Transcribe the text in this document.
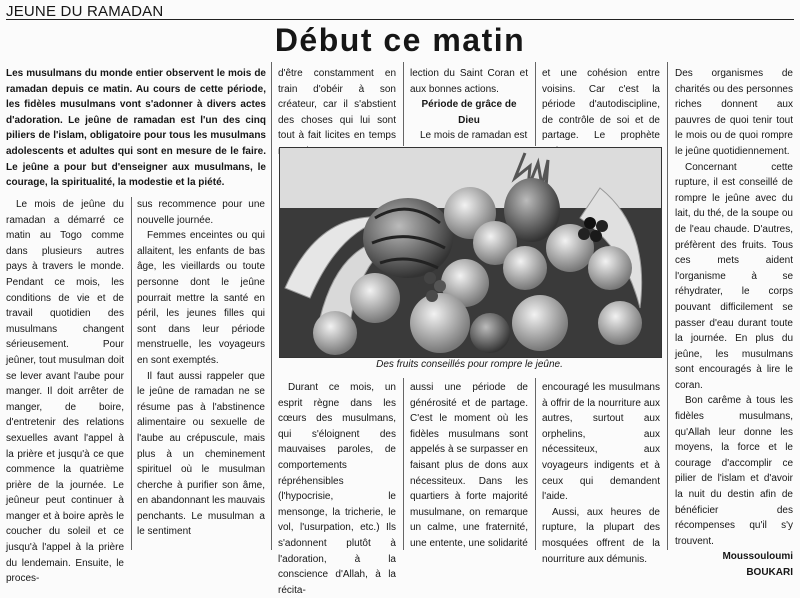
JEUNE DU RAMADAN
Début ce matin

Les musulmans du monde entier observent le mois de ramadan depuis ce matin. Au cours de cette période, les fidèles musulmans vont s'adonner à divers actes d'adoration. Le jeûne de ramadan est l'un des cinq piliers de l'islam, obligatoire pour tous les musulmans adolescents et adultes qui sont en mesure de le faire. Le jeûne a pour but d'enseigner aux musulmans, le courage, la spiritualité, la modestie et la piété.

Le mois de jeûne du ramadan a démarré ce matin au Togo comme dans plusieurs autres pays à travers le monde. Pendant ce mois, les conditions de vie et de travail quotidien des musulmans changent sérieusement. Pour jeûner, tout musulman doit se lever avant l'aube pour manger. Il doit arrêter de manger, de boire, d'entretenir des relations sexuelles avant l'appel à la prière et jusqu'à ce que commence la quatrième prière de la journée. Le jeûneur peut continuer à manger et à boire après le coucher du soleil et ce jusqu'à l'appel à la prière du lendemain. Ensuite, le proces-

d'être constamment en train d'obéir à son créateur, car il s'abstient des choses qui lui sont tout à fait licites en temps

lection du Saint Coran et aux bonnes actions.

Période de grâce de Dieu

Le mois de ramadan est

et une cohésion entre voisins. Car c'est la période d'autodiscipline, de contrôle de soi et de partage. Le prophète

sus recommence pour une nouvelle journée.

Femmes enceintes ou qui allaitent, les enfants de bas âge, les vieillards ou toute personne dont le jeûne pourrait mettre la santé en péril, les jeunes filles qui sont dans leur période menstruelle, les voyageurs en sont exemptés.

Il faut aussi rappeler que le jeûne de ramadan ne se résume pas à l'abstinence alimentaire ou sexuelle de l'aube au crépuscule, mais plus à un cheminement spirituel où le musulman cherche à purifier son âme, en abandonnant les mauvais penchants. Le musulman a le sentiment

Des fruits conseillés pour rompre le jeûne.

Durant ce mois, un esprit règne dans les cœurs des musulmans, qui s'éloignent des mauvaises paroles, de comportements répréhensibles (l'hypocrisie, le mensonge, la tricherie, le vol, l'usurpation, etc.) Ils s'adonnent plutôt à l'adoration, à la conscience d'Allah, à la récita-

aussi une période de générosité et de partage. C'est le moment où les fidèles musulmans sont appelés à se surpasser en faisant plus de dons aux nécessiteux. Dans les quartiers à forte majorité musulmane, on remarque un calme, une fraternité, une entente, une solidarité

encouragé les musulmans à offrir de la nourriture aux autres, surtout aux orphelins, aux nécessiteux, aux voyageurs indigents et à ceux qui demandent l'aide.

Aussi, aux heures de rupture, la plupart des mosquées offrent de la nourriture aux démunis.

Des organismes de charités ou des personnes riches donnent aux pauvres de quoi tenir tout le mois ou de quoi rompre le jeûne quotidiennement.

Concernant cette rupture, il est conseillé de rompre le jeûne avec du lait, du thé, de la soupe ou de l'eau chaude. D'autres, préfèrent des fruits. Tous ces mets aident l'organisme à se réhydrater, le corps pouvant difficilement se passer d'eau durant toute la journée. En plus du jeûne, les musulmans sont encouragés à lire le coran.

Bon carême à tous les fidèles musulmans, qu'Allah leur donne les moyens, la force et le courage d'accomplir ce pilier de l'islam et d'avoir la nuit du destin afin de bénéficier des récompenses qu'il s'y trouvent.

Moussouloumi

BOUKARI
